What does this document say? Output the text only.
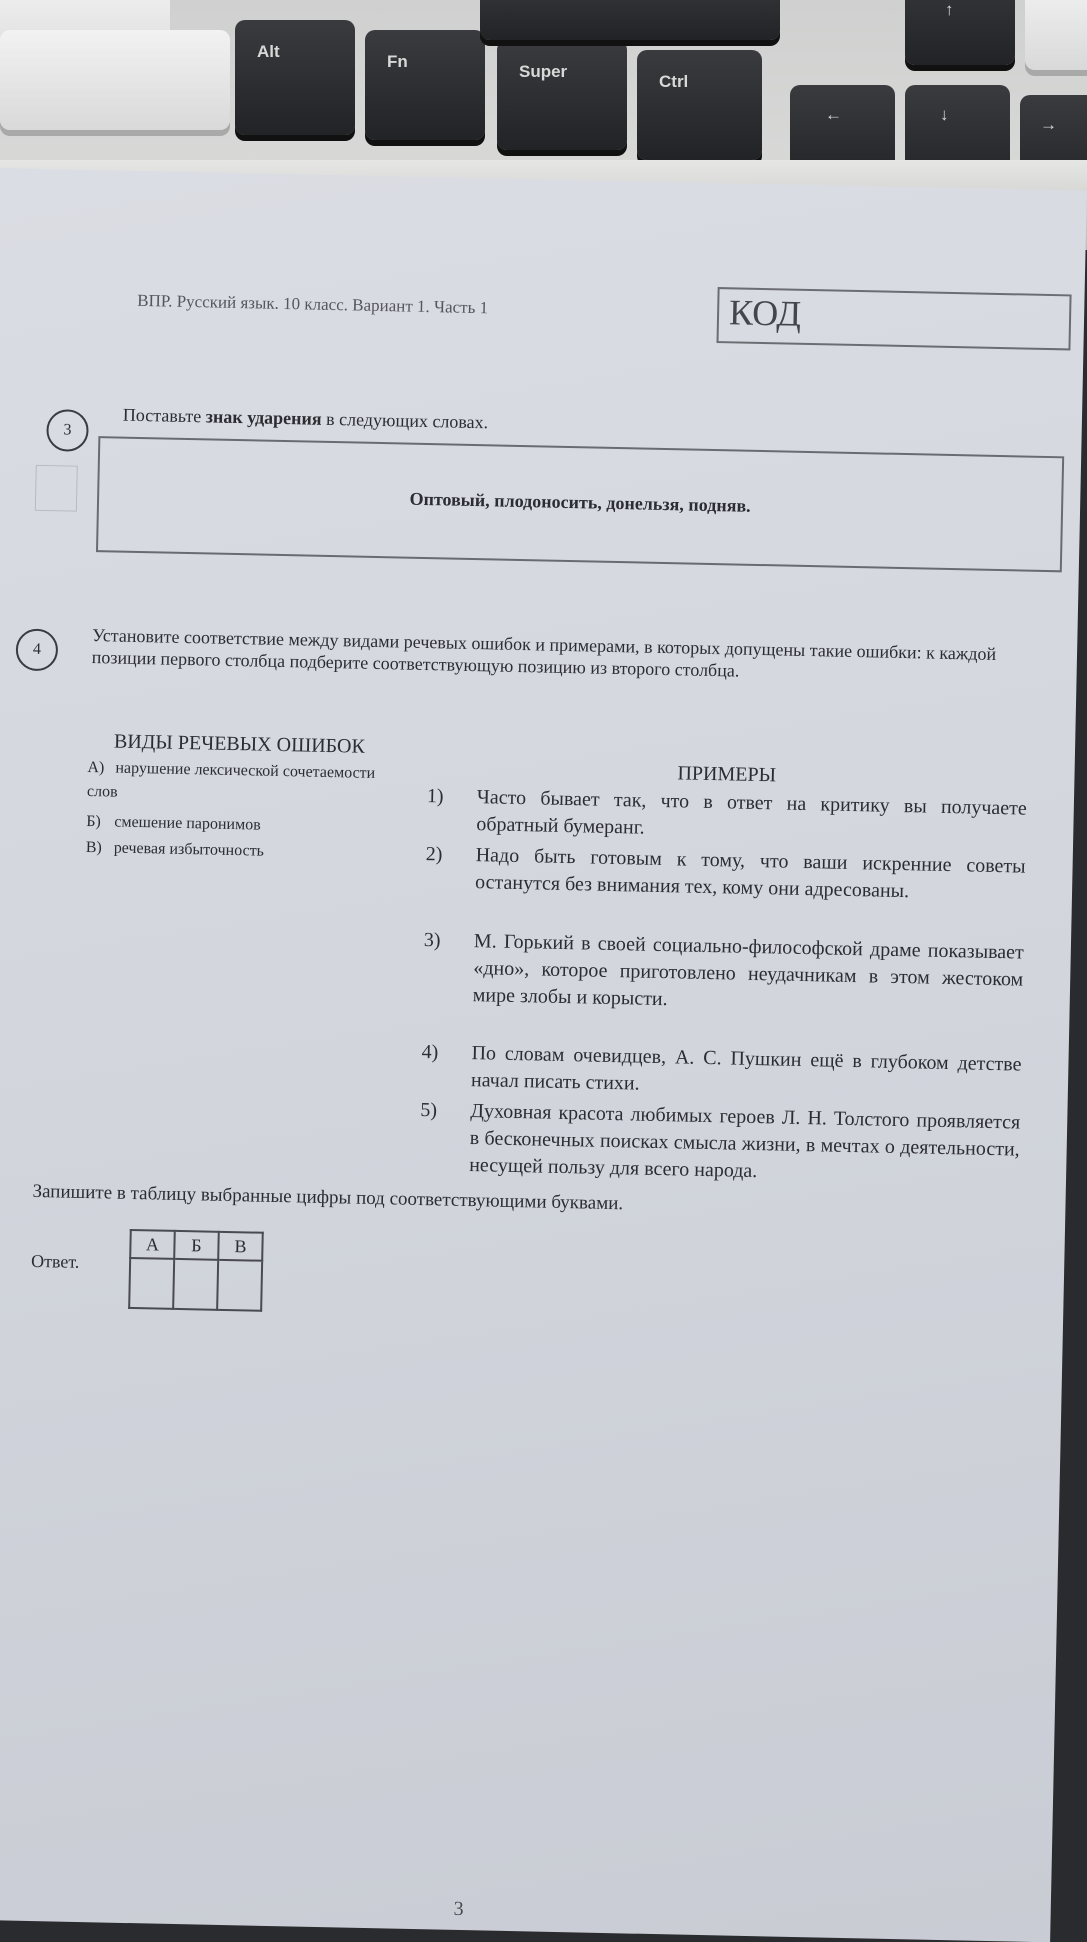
Alt
Fn
Super
Ctrl
↑
←	↓
→
ВПР. Русский язык. 10 класс. Вариант 1. Часть 1	КОД
3
Поставьте знак ударения в следующих словах.
Оптовый, плодоносить, донельзя, подняв.
4	Установите соответствие между видами речевых ошибок и примерами, в которых допущены такие ошибки: к каждой позиции первого столбца подберите соответствующую позицию из второго столбца.
ВИДЫ РЕЧЕВЫХ ОШИБОК
А) нарушение лексической сочетаемости слов
Б) смешение паронимов
В) речевая избыточность
ПРИМЕРЫ
1) Часто бывает так, что в ответ на критику вы получаете обратный бумеранг.
2) Надо быть готовым к тому, что ваши искренние советы останутся без внимания тех, кому они адресованы.
3) М. Горький в своей социально-философской драме показывает «дно», которое приготовлено неудачникам в этом жестоком мире злобы и корысти.
4) По словам очевидцев, А. С. Пушкин ещё в глубоком детстве начал писать стихи.
5) Духовная красота любимых героев Л. Н. Толстого проявляется в бесконечных поисках смысла жизни, в мечтах о деятельности, несущей пользу для всего народа.
Запишите в таблицу выбранные цифры под соответствующими буквами.
Ответ.
А	Б	В

3
